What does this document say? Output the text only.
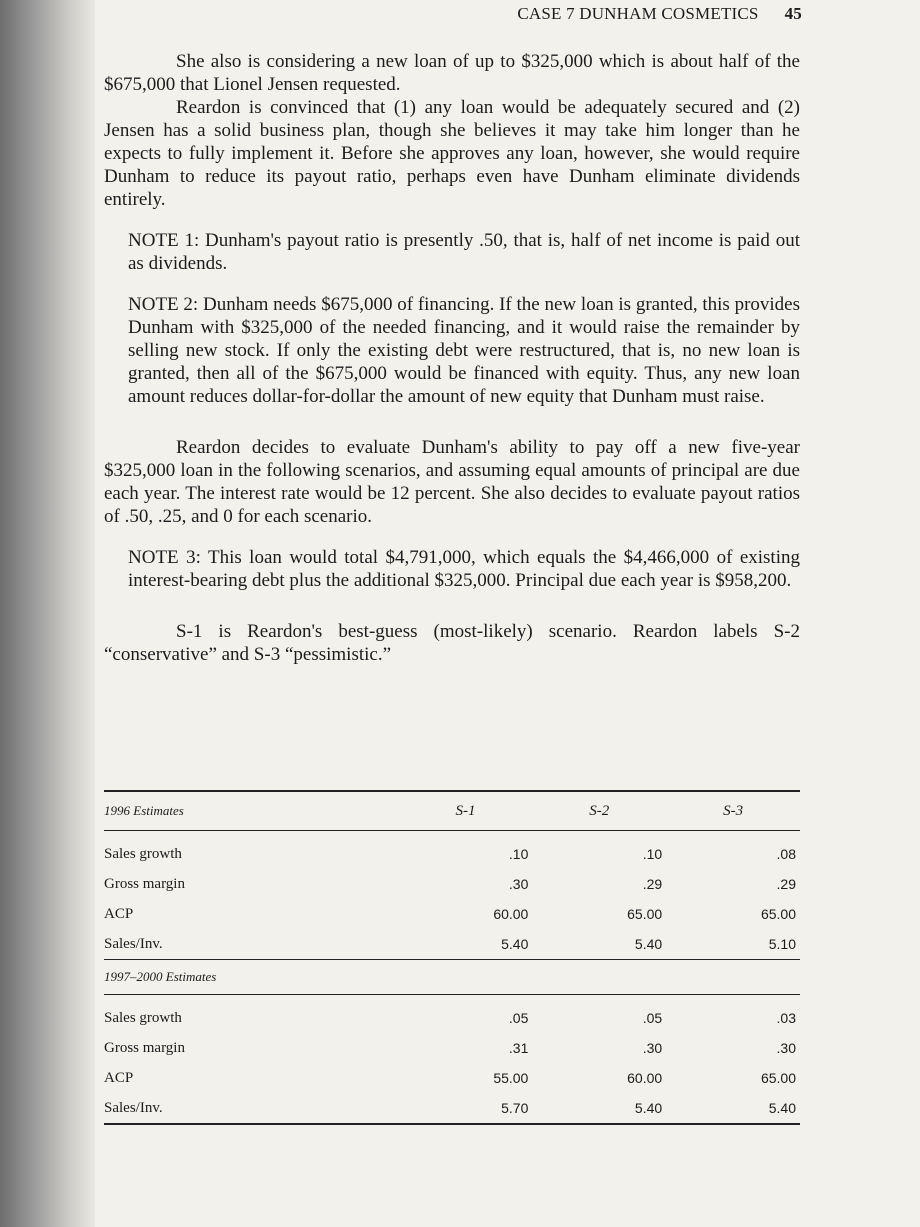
CASE 7 DUNHAM COSMETICS 45

She also is considering a new loan of up to $325,000 which is about half of the $675,000 that Lionel Jensen requested.

Reardon is convinced that (1) any loan would be adequately secured and (2) Jensen has a solid business plan, though she believes it may take him longer than he expects to fully implement it. Before she approves any loan, however, she would require Dunham to reduce its payout ratio, perhaps even have Dunham eliminate dividends entirely.

NOTE 1: Dunham's payout ratio is presently .50, that is, half of net income is paid out as dividends.

NOTE 2: Dunham needs $675,000 of financing. If the new loan is granted, this provides Dunham with $325,000 of the needed financing, and it would raise the remainder by selling new stock. If only the existing debt were restructured, that is, no new loan is granted, then all of the $675,000 would be financed with equity. Thus, any new loan amount reduces dollar-for-dollar the amount of new equity that Dunham must raise.

Reardon decides to evaluate Dunham's ability to pay off a new five-year $325,000 loan in the following scenarios, and assuming equal amounts of principal are due each year. The interest rate would be 12 percent. She also decides to evaluate payout ratios of .50, .25, and 0 for each scenario.

NOTE 3: This loan would total $4,791,000, which equals the $4,466,000 of existing interest-bearing debt plus the additional $325,000. Principal due each year is $958,200.

S-1 is Reardon's best-guess (most-likely) scenario. Reardon labels S-2 “conservative” and S-3 “pessimistic.”

1996 Estimates	S-1	S-2	S-3

Sales growth	.10	.10	.08
Gross margin	.30	.29	.29
ACP	60.00	65.00	65.00
Sales/Inv.	5.40	5.40	5.10
1997–2000 Estimates			

Sales growth	.05	.05	.03
Gross margin	.31	.30	.30
ACP	55.00	60.00	65.00
Sales/Inv.	5.70	5.40	5.40
